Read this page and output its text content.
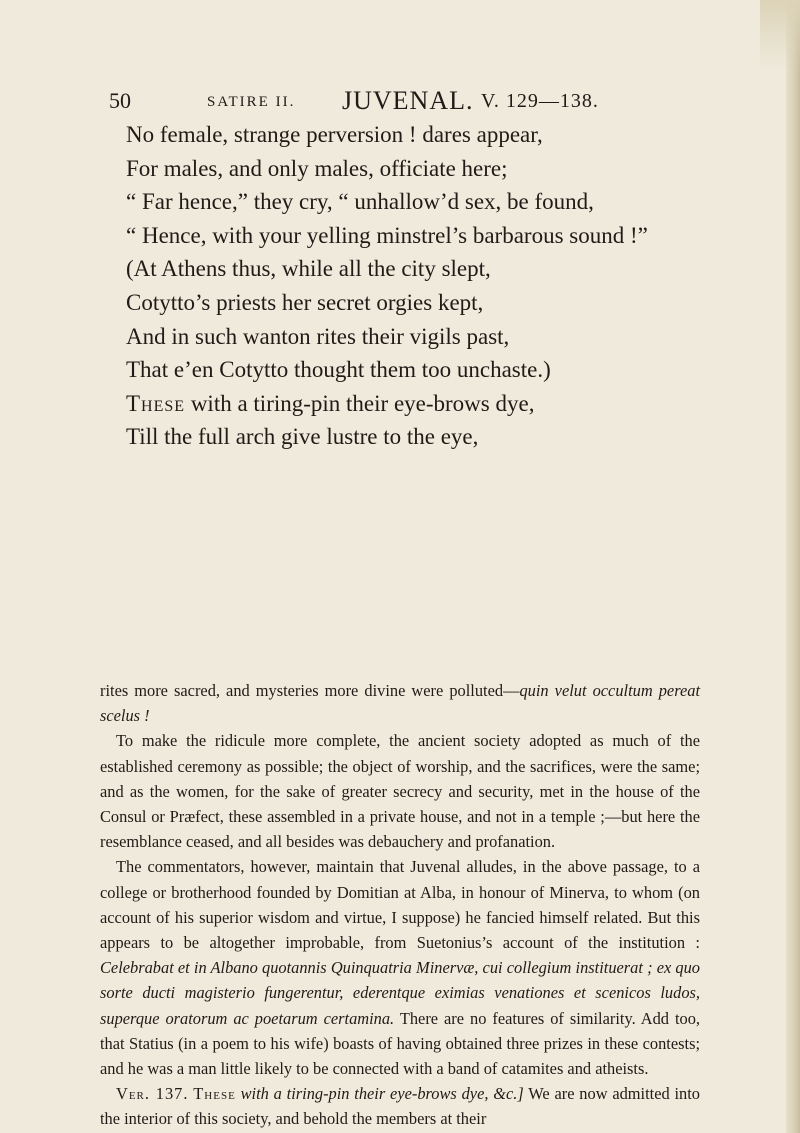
50	SATIRE II. JUVENAL. V. 129—138.
No female, strange perversion ! dares appear,
For males, and only males, officiate here;
“ Far hence,” they cry, “ unhallow’d sex, be found,
“ Hence, with your yelling minstrel’s barbarous sound !”
(At Athens thus, while all the city slept,
Cotytto’s priests her secret orgies kept,
And in such wanton rites their vigils past,
That e’en Cotytto thought them too unchaste.)
These with a tiring-pin their eye-brows dye,
Till the full arch give lustre to the eye,

rites more sacred, and mysteries more divine were polluted—quin velut occultum pereat scelus !

To make the ridicule more complete, the ancient society adopted as much of the established ceremony as possible; the object of worship, and the sacrifices, were the same; and as the women, for the sake of greater secrecy and security, met in the house of the Consul or Præfect, these assembled in a private house, and not in a temple ;—but here the resemblance ceased, and all besides was debauchery and profanation.

The commentators, however, maintain that Juvenal alludes, in the above passage, to a college or brotherhood founded by Domitian at Alba, in honour of Minerva, to whom (on account of his superior wisdom and virtue, I suppose) he fancied himself related. But this appears to be altogether improbable, from Suetonius’s account of the institution : Celebrabat et in Albano quotannis Quinquatria Minervæ, cui collegium instituerat ; ex quo sorte ducti magisterio fungerentur, ederentque eximias venationes et scenicos ludos, superque oratorum ac poetarum certamina. There are no features of similarity. Add too, that Statius (in a poem to his wife) boasts of having obtained three prizes in these contests; and he was a man little likely to be connected with a band of catamites and atheists.

Ver. 137. These with a tiring-pin their eye-brows dye, &c.] We are now admitted into the interior of this society, and behold the members at their
